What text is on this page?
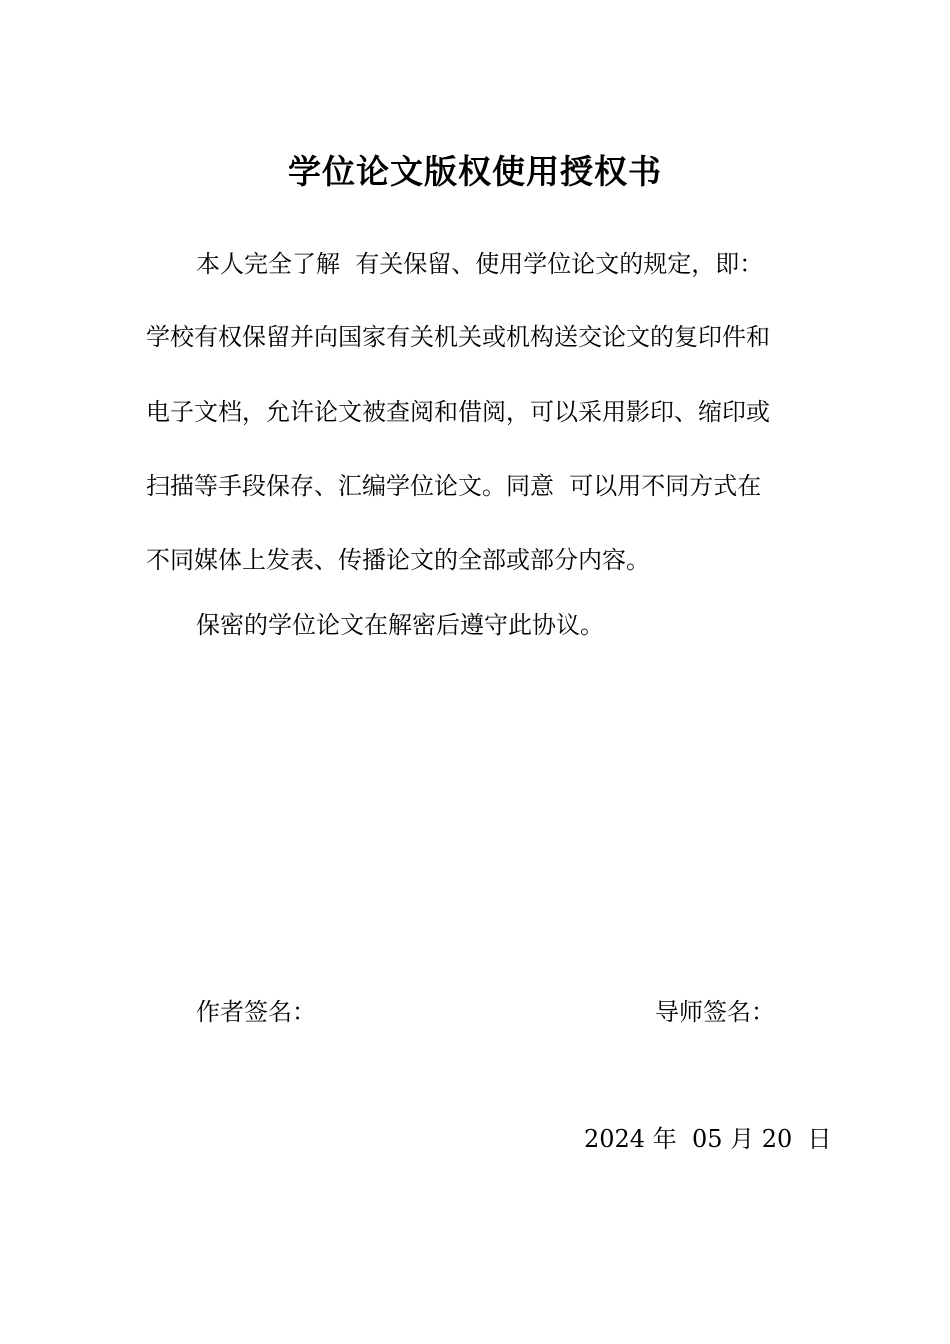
学位论文版权使用授权书
本人完全了解  有关保留、使用学位论文的规定，即：
学校有权保留并向国家有关机关或机构送交论文的复印件和
电子文档，允许论文被查阅和借阅，可以采用影印、缩印或
扫描等手段保存、汇编学位论文。同意  可以用不同方式在
不同媒体上发表、传播论文的全部或部分内容。
保密的学位论文在解密后遵守此协议。
作者签名：	导师签名：
2024 年  05 月 20  日
